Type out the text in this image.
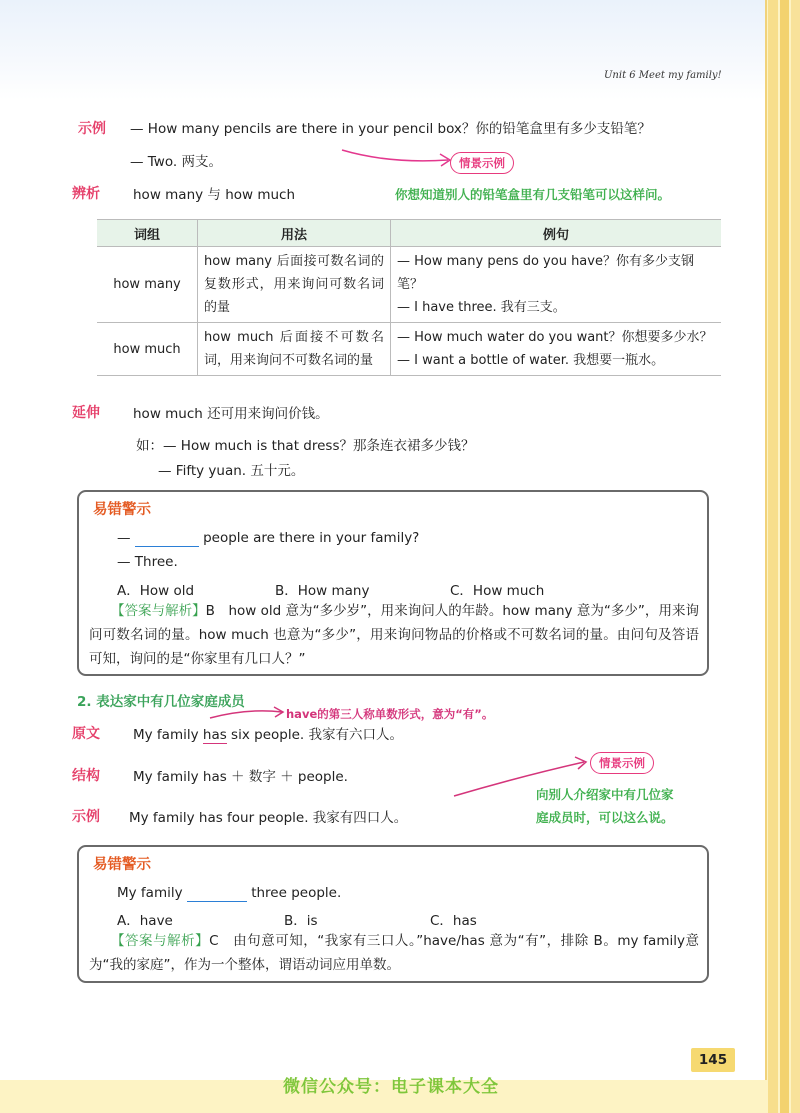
Unit 6 Meet my family!
示例 — How many pencils are there in your pencil box？你的铅笔盒里有多少支铅笔？
— Two. 两支。	情景示例
你想知道别人的铅笔盒里有几支铅笔可以这样问。
辨析 how many 与 how much
词组	用法	例句
how many	how many 后面接可数名词的复数形式，用来询问可数名词的量	— How many pens do you have？你有多少支钢笔？
— I have three. 我有三支。

how much	how much 后面接不可数名词，用来询问不可数名词的量	— How much water do you want？你想要多少水？
— I want a bottle of water. 我想要一瓶水。
延伸 how much 还可用来询问价钱。
如：— How much is that dress？那条连衣裙多少钱？
— Fifty yuan. 五十元。
易错警示
—	people are there in your family?
— Three.
A．How old	B．How many	C．How much
【答案与解析】B　how old 意为“多少岁”，用来询问人的年龄。how many 意为“多少”，用来询问可数名词的量。how much 也意为“多少”，用来询问物品的价格或不可数名词的量。由问句及答语可知，询问的是“你家里有几口人？”
2. 表达家中有几位家庭成员
have的第三人称单数形式，意为“有”。
原文 My family has six people. 我家有六口人。
结构 My family has ＋ 数字 ＋ people.
示例 My family has four people. 我家有四口人。
情景示例
向别人介绍家中有几位家
庭成员时，可以这么说。
易错警示
My family	three people.
A．have	B．is	C．has
【答案与解析】C　由句意可知，“我家有三口人。”have/has 意为“有”，排除 B。my family意为“我的家庭”，作为一个整体，谓语动词应用单数。
145
微信公众号：电子课本大全
